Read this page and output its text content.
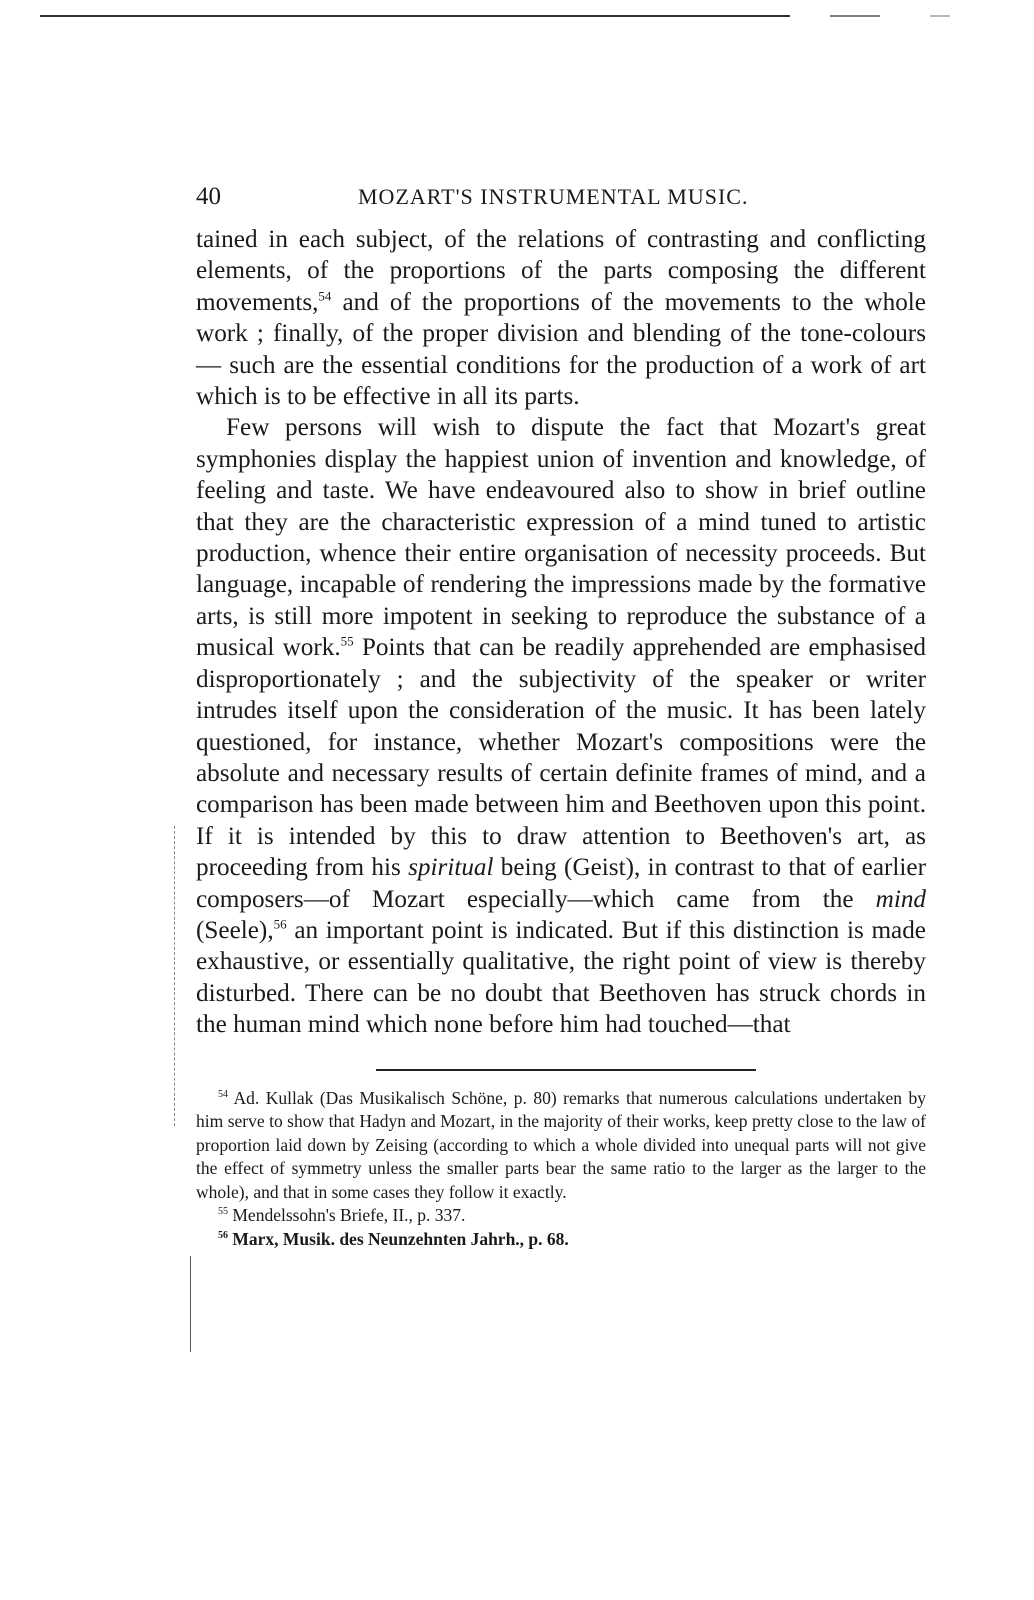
40	MOZART'S INSTRUMENTAL MUSIC.

tained in each subject, of the relations of contrasting and conflicting elements, of the proportions of the parts composing the different movements,$^{54}$ and of the proportions of the movements to the whole work ; finally, of the proper division and blending of the tone-colours — such are the essential conditions for the production of a work of art which is to be effective in all its parts.

Few persons will wish to dispute the fact that Mozart's great symphonies display the happiest union of invention and knowledge, of feeling and taste. We have endeavoured also to show in brief outline that they are the characteristic expression of a mind tuned to artistic production, whence their entire organisation of necessity proceeds. But language, incapable of rendering the impressions made by the formative arts, is still more impotent in seeking to reproduce the substance of a musical work.$^{55}$ Points that can be readily apprehended are emphasised disproportionately ; and the subjectivity of the speaker or writer intrudes itself upon the consideration of the music. It has been lately questioned, for instance, whether Mozart's compositions were the absolute and necessary results of certain definite frames of mind, and a comparison has been made between him and Beethoven upon this point. If it is intended by this to draw attention to Beethoven's art, as proceeding from his spiritual being (Geist), in contrast to that of earlier composers—of Mozart especially—which came from the mind (Seele),$^{56}$ an important point is indicated. But if this distinction is made exhaustive, or essentially qualitative, the right point of view is thereby disturbed. There can be no doubt that Beethoven has struck chords in the human mind which none before him had touched—that

$^{54}$ Ad. Kullak (Das Musikalisch Schöne, p. 80) remarks that numerous calculations undertaken by him serve to show that Hadyn and Mozart, in the majority of their works, keep pretty close to the law of proportion laid down by Zeising (according to which a whole divided into unequal parts will not give the effect of symmetry unless the smaller parts bear the same ratio to the larger as the larger to the whole), and that in some cases they follow it exactly.

$^{55}$ Mendelssohn's Briefe, II., p. 337.

$^{56}$ Marx, Musik. des Neunzehnten Jahrh., p. 68.
